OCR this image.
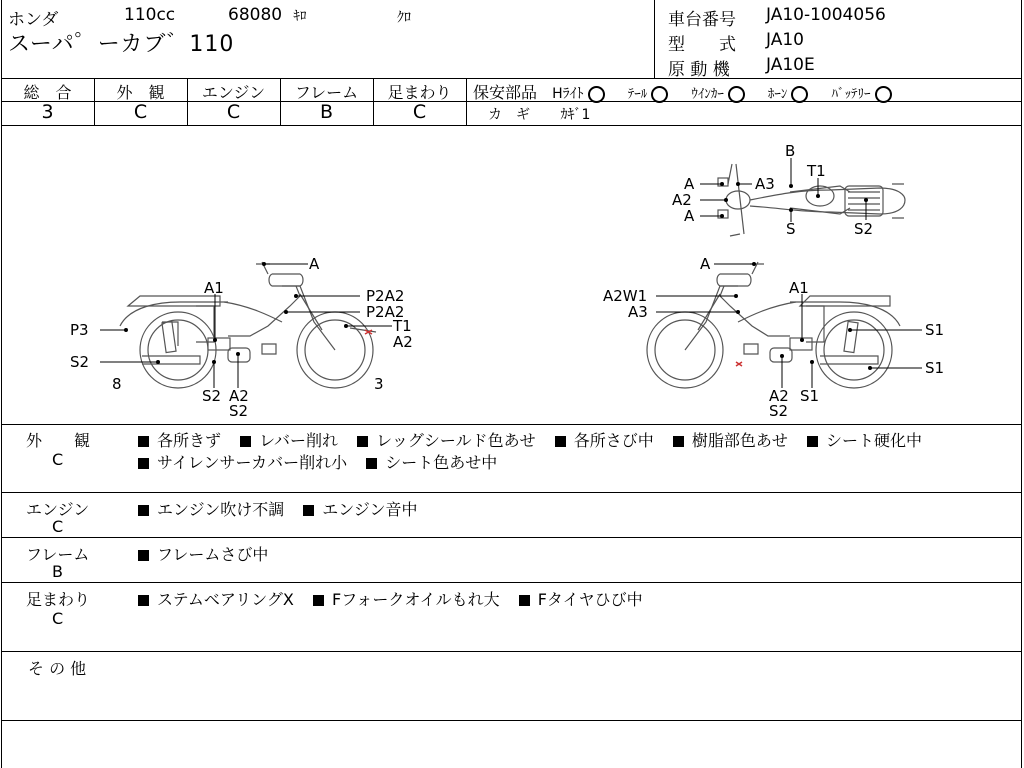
ホンダ	110cc	68080 ｷﾛ	ｸﾛ
スーパ゜ーカブ゛110
車台番号 JA10-1004056
型　　式 JA10
原 動 機 JA10E
総　合	外　観	エンジン	フレーム	足まわり
3	C	C	B	C
保安部品 Hﾗｲﾄ	ﾃｰﾙ	ｳｲﾝｶｰ	ﾎｰﾝ	ﾊﾞｯﾃﾘｰ
カ　ギ ｶｷﾞ1
B
T1
A	A3
A2
A
S	S2
A
A1	P2A2
P2A2
P3	T1
A2
S2
8
S2 A2
3
S2
A
A2W1	A1
A3
S1
S1
A2 S1
S2
外　　観
C
各所きず レバー削れ レッグシールド色あせ 各所さび中 樹脂部色あせ シート硬化中
サイレンサーカバー削れ小 シート色あせ中
エンジン
C
エンジン吹け不調 エンジン音中
フレーム
B
フレームさび中
足まわり
C
ステムベアリングX Fフォークオイルもれ大 Fタイヤひび中
そ の 他
